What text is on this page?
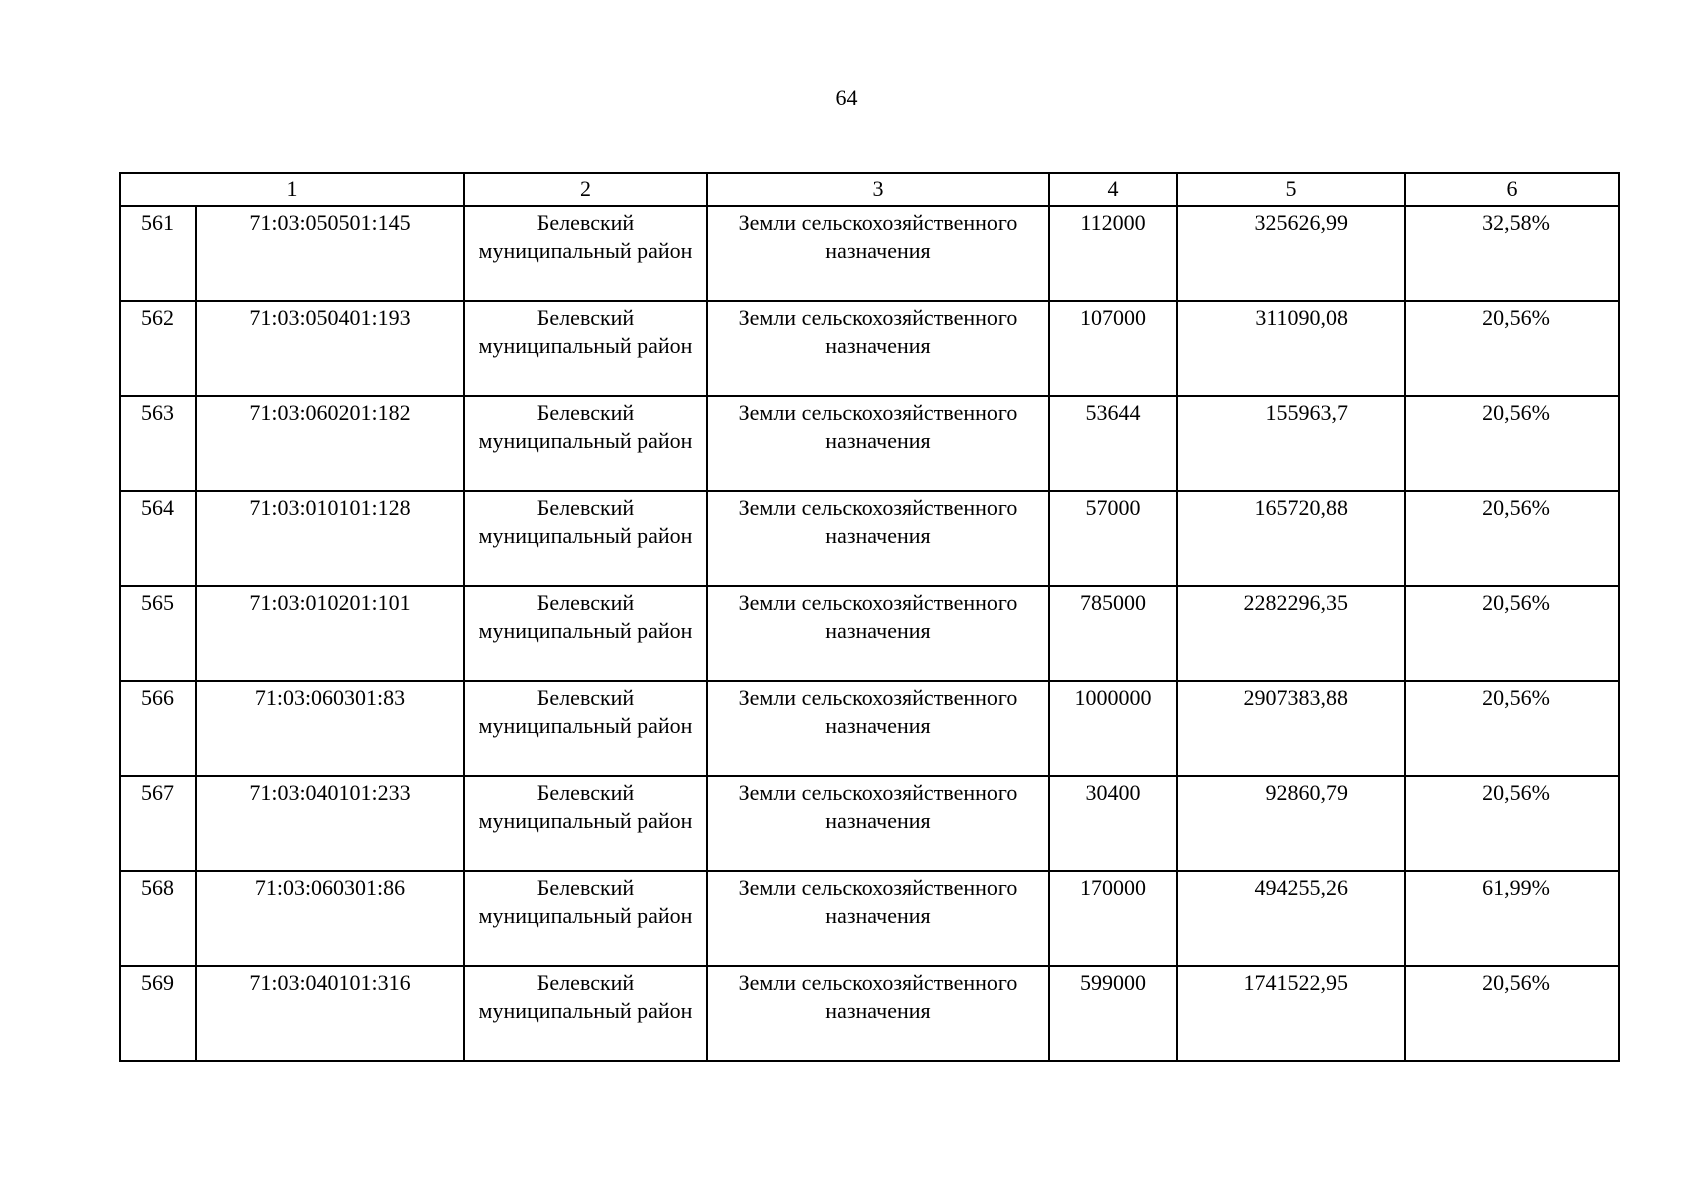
64
1		2	3	4	5	6
561	71:03:050501:145	Белевский муниципальный район	Земли сельскохозяйственного назначения	112000	325626,99	32,58%
562	71:03:050401:193	Белевский муниципальный район	Земли сельскохозяйственного назначения	107000	311090,08	20,56%
563	71:03:060201:182	Белевский муниципальный район	Земли сельскохозяйственного назначения	53644	155963,7	20,56%
564	71:03:010101:128	Белевский муниципальный район	Земли сельскохозяйственного назначения	57000	165720,88	20,56%
565	71:03:010201:101	Белевский муниципальный район	Земли сельскохозяйственного назначения	785000	2282296,35	20,56%
566	71:03:060301:83	Белевский муниципальный район	Земли сельскохозяйственного назначения	1000000	2907383,88	20,56%
567	71:03:040101:233	Белевский муниципальный район	Земли сельскохозяйственного назначения	30400	92860,79	20,56%
568	71:03:060301:86	Белевский муниципальный район	Земли сельскохозяйственного назначения	170000	494255,26	61,99%
569	71:03:040101:316	Белевский муниципальный район	Земли сельскохозяйственного назначения	599000	1741522,95	20,56%
